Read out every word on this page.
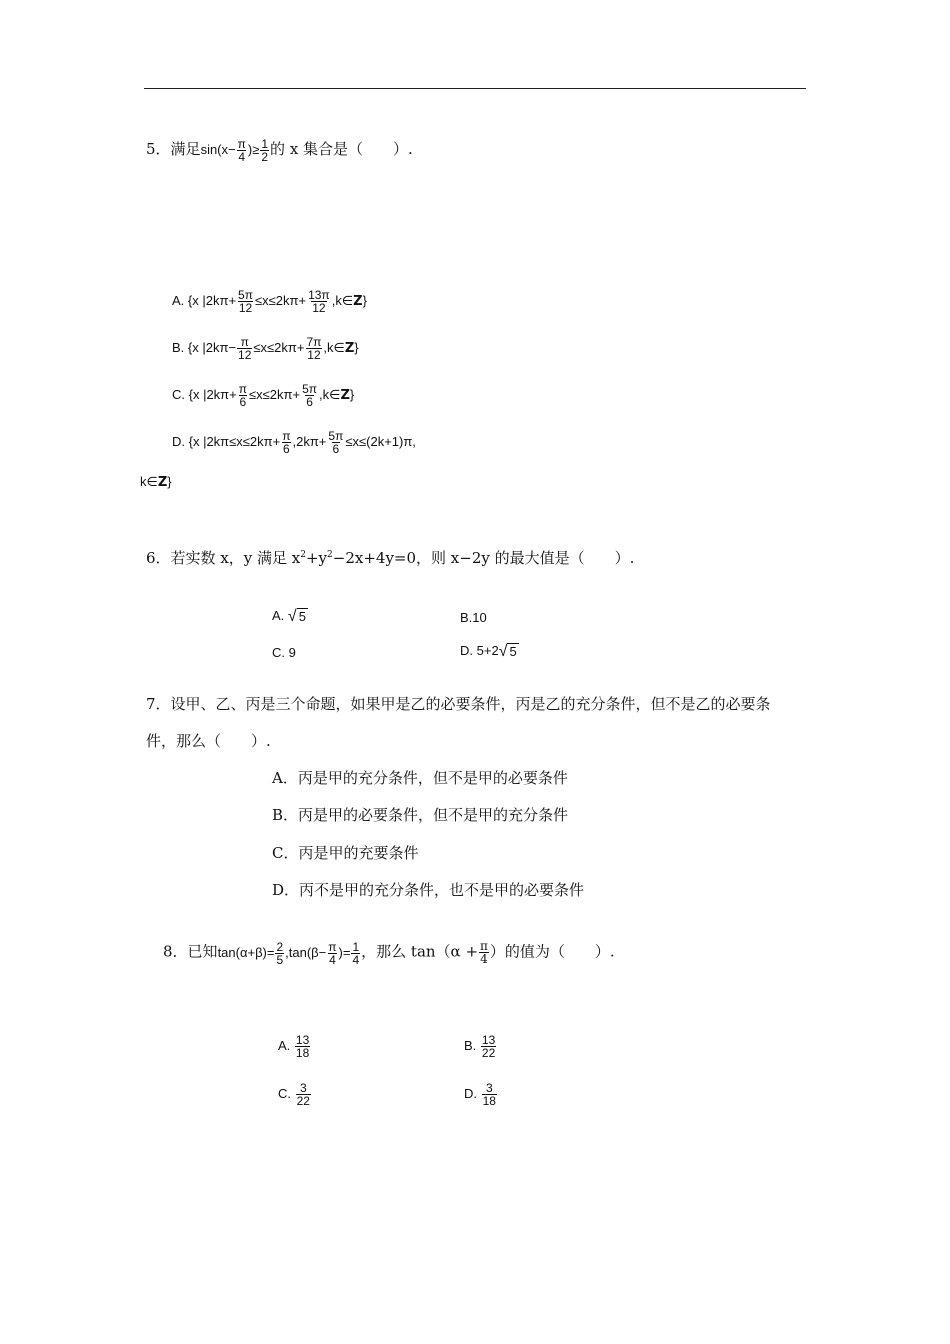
5．满足$\sin(x- \frac{\pi}{4}$ )≥ $\frac{1}{2}$ 的 x 集合是（　　）.
A. {x $|2k\pi+ \frac{5\pi}{12} \le x\le 2k\pi+ \frac{13\pi}{12}$ ,k∈Z}
B. {x $|2k\pi- \frac{\pi}{12} \le x\le 2k\pi+ \frac{7\pi}{12}$ ,k∈Z}
C. {x $|2k\pi+ \frac{\pi}{6} \le x\le 2k\pi+ \frac{5\pi}{6}$ ,k∈Z}
D. {x $|2k\pi\le x\le 2k\pi+ \frac{\pi}{6} ,2k\pi+ \frac{5\pi}{6} \le x\le(2k+1)\pi$,
k∈Z}
6．若实数 x，y 满足 $x^2+y^2-2x+4y=0$，则 x−2y 的最大值是（　　）.
A. √ 5	B.10
C. 9	D. 5+2√ 5
7．设甲、乙、丙是三个命题，如果甲是乙的必要条件，丙是乙的充分条件，但不是乙的必要条
件，那么（　　）.
A．丙是甲的充分条件，但不是甲的必要条件
B．丙是甲的必要条件，但不是甲的充分条件
C．丙是甲的充要条件
D．丙不是甲的充分条件，也不是甲的必要条件
8．已知$\tan(\alpha+\beta)= \frac{2}{5} ,\tan(\beta- \frac{\pi}{4}$ )= $\frac{1}{4}$ ，那么 $\tan(\alpha + \frac{\pi}{4}$ ）的值为（　　）.
A. $\frac{13}{18}$	B. $\frac{13}{22}$
C. $\frac{3}{22}$	D. $\frac{3}{18}$
